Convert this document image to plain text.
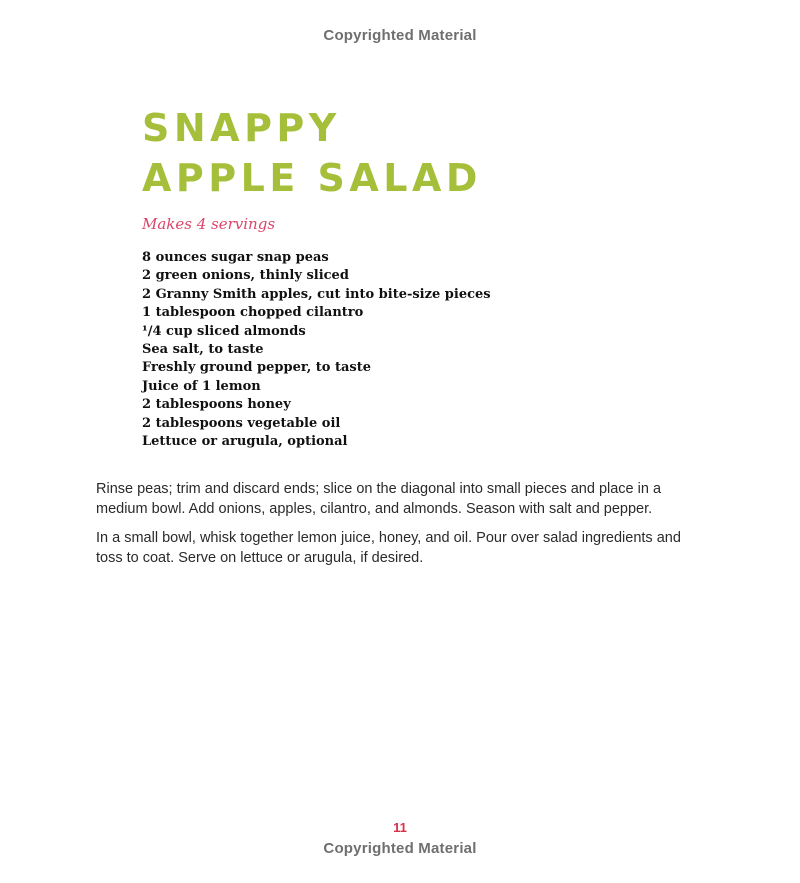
Copyrighted Material
SNAPPY
APPLE SALAD
Makes 4 servings
8 ounces sugar snap peas
2 green onions, thinly sliced
2 Granny Smith apples, cut into bite-size pieces
1 tablespoon chopped cilantro
¹/4 cup sliced almonds
Sea salt, to taste
Freshly ground pepper, to taste
Juice of 1 lemon
2 tablespoons honey
2 tablespoons vegetable oil
Lettuce or arugula, optional

Rinse peas; trim and discard ends; slice on the diagonal into small pieces and place in a medium bowl. Add onions, apples, cilantro, and almonds. Season with salt and pepper.

In a small bowl, whisk together lemon juice, honey, and oil. Pour over salad ingredients and toss to coat. Serve on lettuce or arugula, if desired.

11
Copyrighted Material
